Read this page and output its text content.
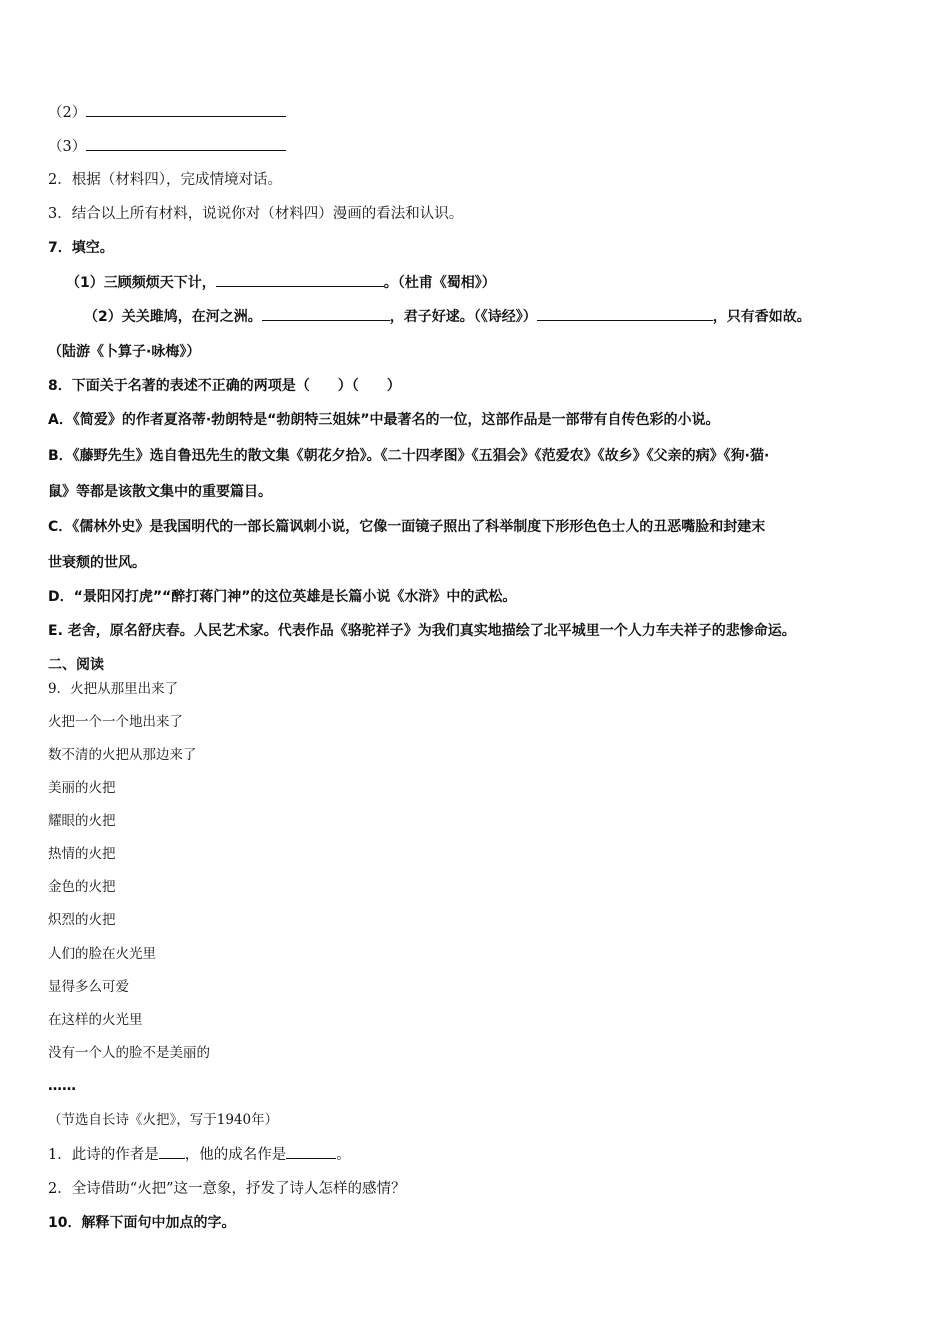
（2）
（3）
2．根据（材料四），完成情境对话。
3．结合以上所有材料，说说你对（材料四）漫画的看法和认识。
7．填空。
（1）三顾频烦天下计，	。（杜甫《蜀相》）
（2）关关雎鸠，在河之洲。	，君子好逑。（《诗经》）	，只有香如故。
（陆游《卜算子·咏梅》）
8．下面关于名著的表述不正确的两项是（　　）（　　）
A．《简爱》的作者夏洛蒂·勃朗特是“勃朗特三姐妹”中最著名的一位，这部作品是一部带有自传色彩的小说。
B．《藤野先生》选自鲁迅先生的散文集《朝花夕拾》。《二十四孝图》《五猖会》《范爱农》《故乡》《父亲的病》《狗·猫·
鼠》等都是该散文集中的重要篇目。
C．《儒林外史》是我国明代的一部长篇讽刺小说，它像一面镜子照出了科举制度下形形色色士人的丑恶嘴脸和封建末
世衰颓的世风。
D．“景阳冈打虎”“醉打蒋门神”的这位英雄是长篇小说《水浒》中的武松。
E. 老舍，原名舒庆春。人民艺术家。代表作品《骆驼祥子》为我们真实地描绘了北平城里一个人力车夫祥子的悲惨命运。
二、阅读
9．火把从那里出来了
火把一个一个地出来了
数不清的火把从那边来了
美丽的火把
耀眼的火把
热情的火把
金色的火把
炽烈的火把
人们的脸在火光里
显得多么可爱
在这样的火光里
没有一个人的脸不是美丽的
……
（节选自长诗《火把》，写于1940年）
1．此诗的作者是 ，他的成名作是	。
2．全诗借助“火把”这一意象，抒发了诗人怎样的感情？
10．解释下面句中加点的字。
